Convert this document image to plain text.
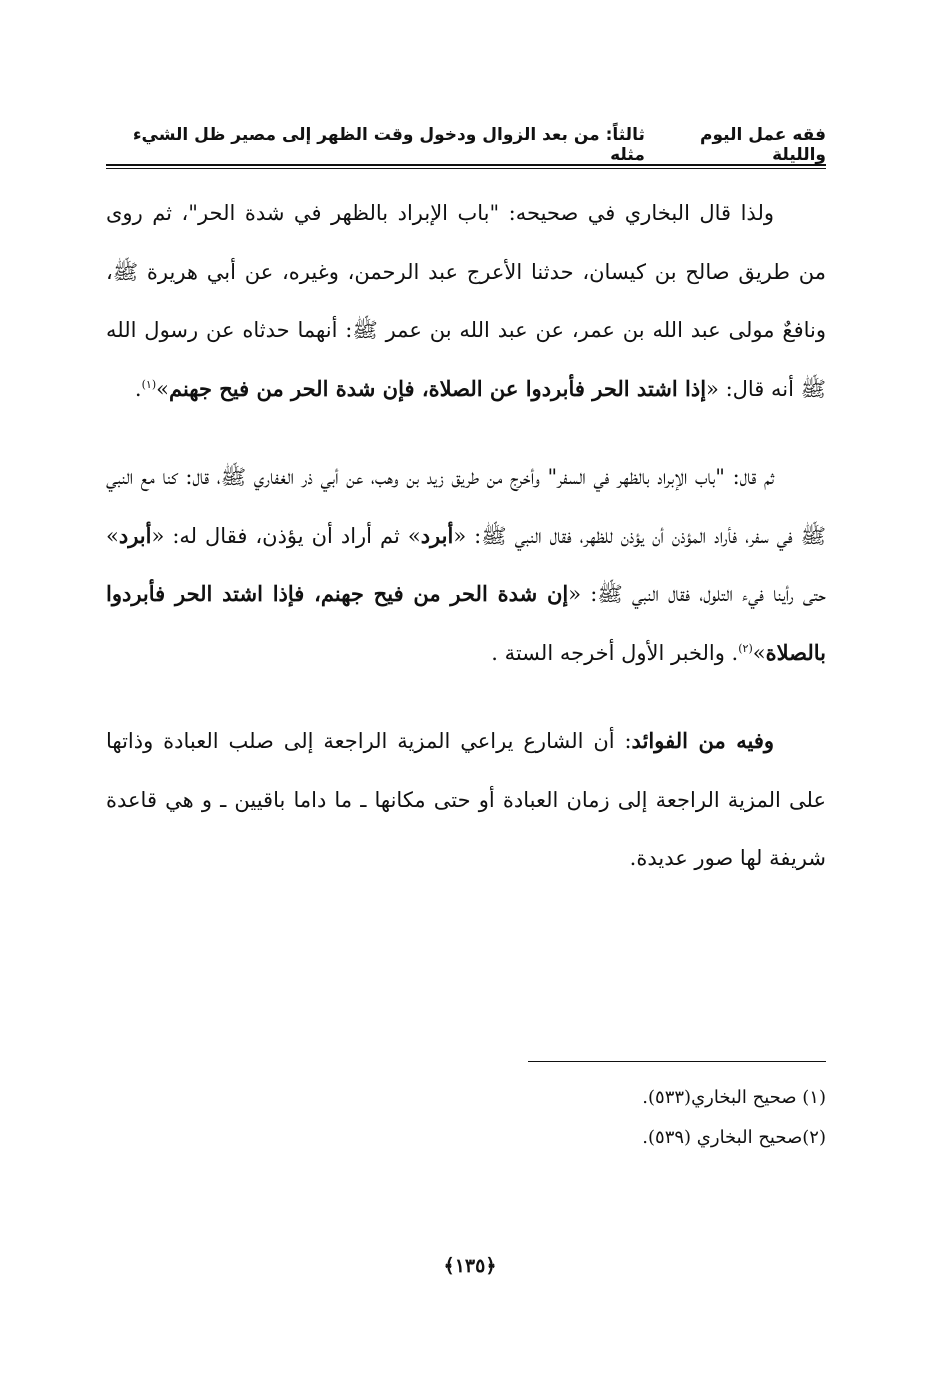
فقه عمل اليوم والليلة
ثالثاً: من بعد الزوال ودخول وقت الظهر إلى مصير ظل الشيء مثله

ولذا قال البخاري في صحيحه: "باب الإبراد بالظهر في شدة الحر"، ثم روى من طريق صالح بن كيسان، حدثنا الأعرج عبد الرحمن، وغيره، عن أبي هريرة ﷺ، ونافعٌ مولى عبد الله بن عمر، عن عبد الله بن عمر ﷺ: أنهما حدثاه عن رسول الله ﷺ أنه قال: «إذا اشتد الحر فأبردوا عن الصلاة، فإن شدة الحر من فيح جهنم»$^{(١)}$.

ثم قال: "باب الإبراد بالظهر في السفر" وأخرج من طريق زيد بن وهب، عن أبي ذر الغفاري ﷺ، قال: كنا مع النبي ﷺ في سفر، فأراد المؤذن أن يؤذن للظهر، فقال النبي ﷺ: «أبرد» ثم أراد أن يؤذن، فقال له: «أبرد» حتى رأينا فيء التلول، فقال النبي ﷺ: «إن شدة الحر من فيح جهنم، فإذا اشتد الحر فأبردوا بالصلاة»$^{(٢)}$. والخبر الأول أخرجه الستة .

وفيه من الفوائد: أن الشارع يراعي المزية الراجعة إلى صلب العبادة وذاتها على المزية الراجعة إلى زمان العبادة أو حتى مكانها ـ ما داما باقيين ـ و هي قاعدة شريفة لها صور عديدة.

(١) صحيح البخاري(٥٣٣).

(٢)صحيح البخاري (٥٣٩).

﴿١٣٥﴾
